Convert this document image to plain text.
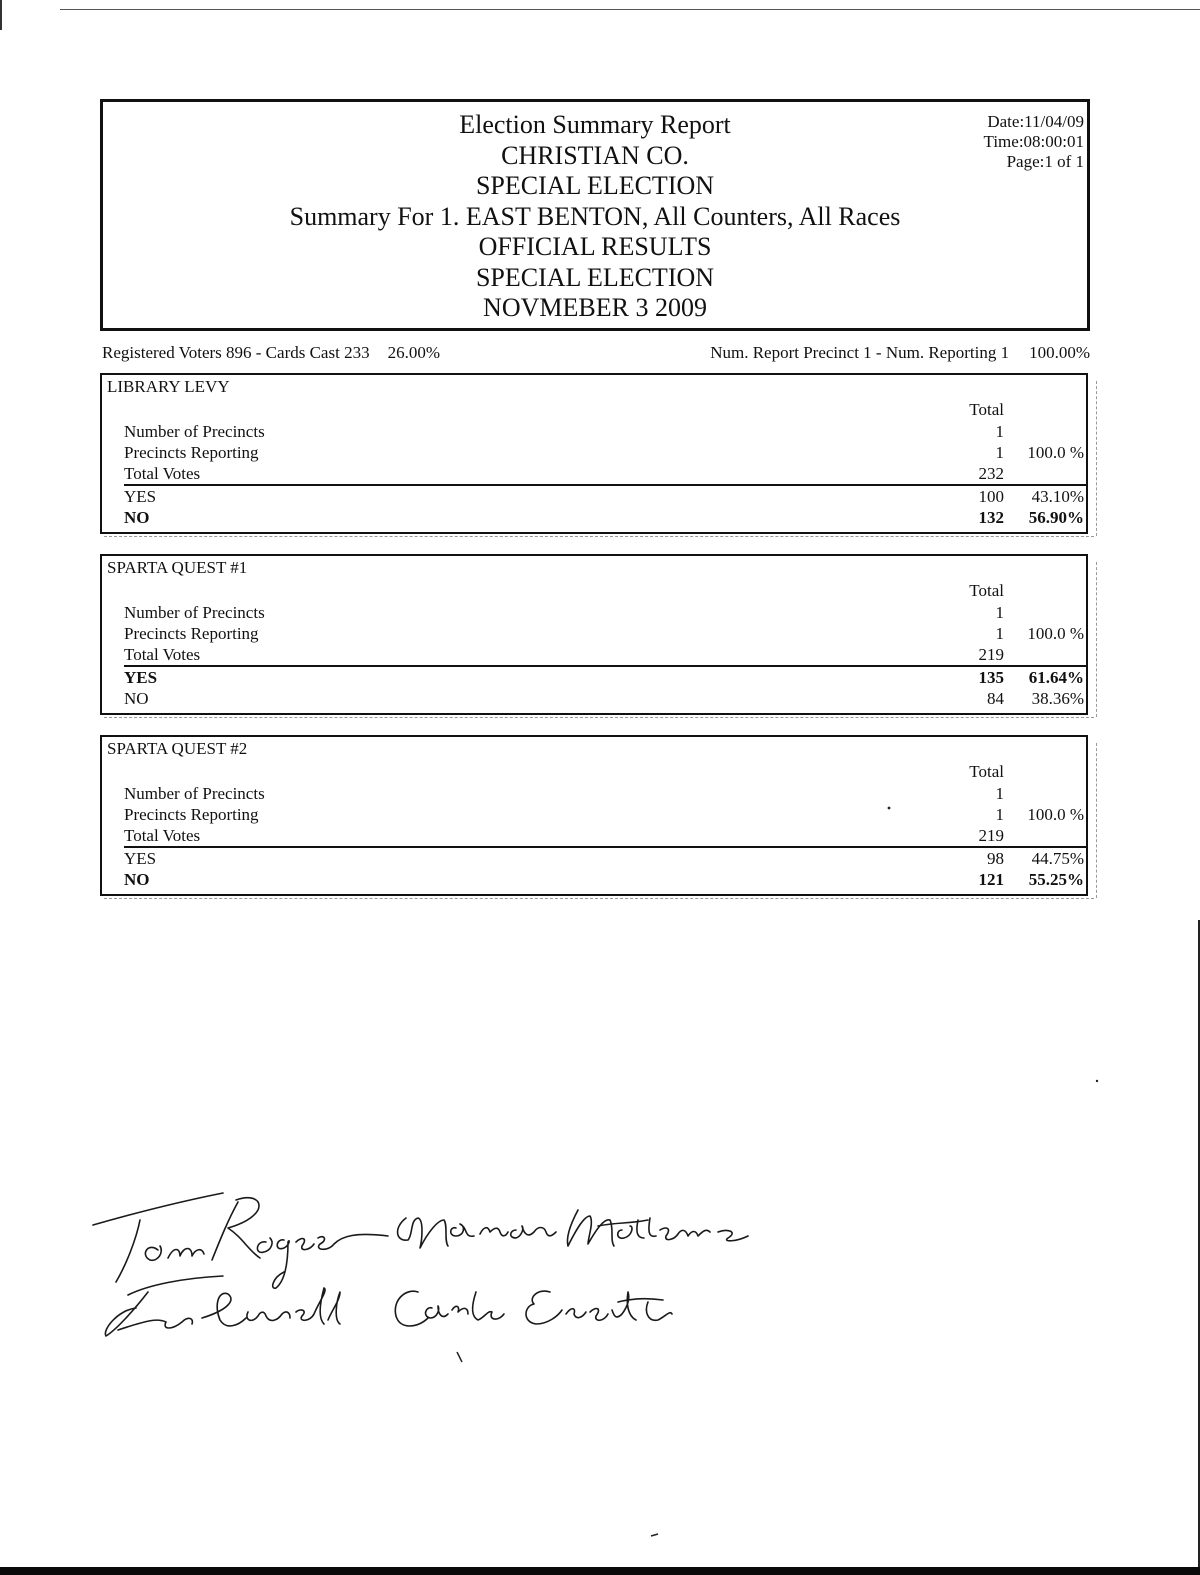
Election Summary Report
CHRISTIAN CO.
SPECIAL ELECTION
Summary For 1. EAST BENTON, All Counters, All Races
OFFICIAL RESULTS
SPECIAL ELECTION
NOVMEBER 3 2009
Date:11/04/09
Time:08:00:01
Page:1 of 1
Registered Voters 896 - Cards Cast 233 26.00%	Num. Report Precinct 1 - Num. Reporting 1 100.00%
LIBRARY LEVY
Total
Number of Precincts	1
Precincts Reporting	1 100.0 %
Total Votes	232
YES	100 43.10%
NO	132 56.90%
SPARTA QUEST #1
Total
Number of Precincts	1
Precincts Reporting	1 100.0 %
Total Votes	219
YES	135 61.64%
NO	84 38.36%
SPARTA QUEST #2
Total
Number of Precincts	1
Precincts Reporting	1 100.0 %
Total Votes	219
YES	98 44.75%
NO	121 55.25%
